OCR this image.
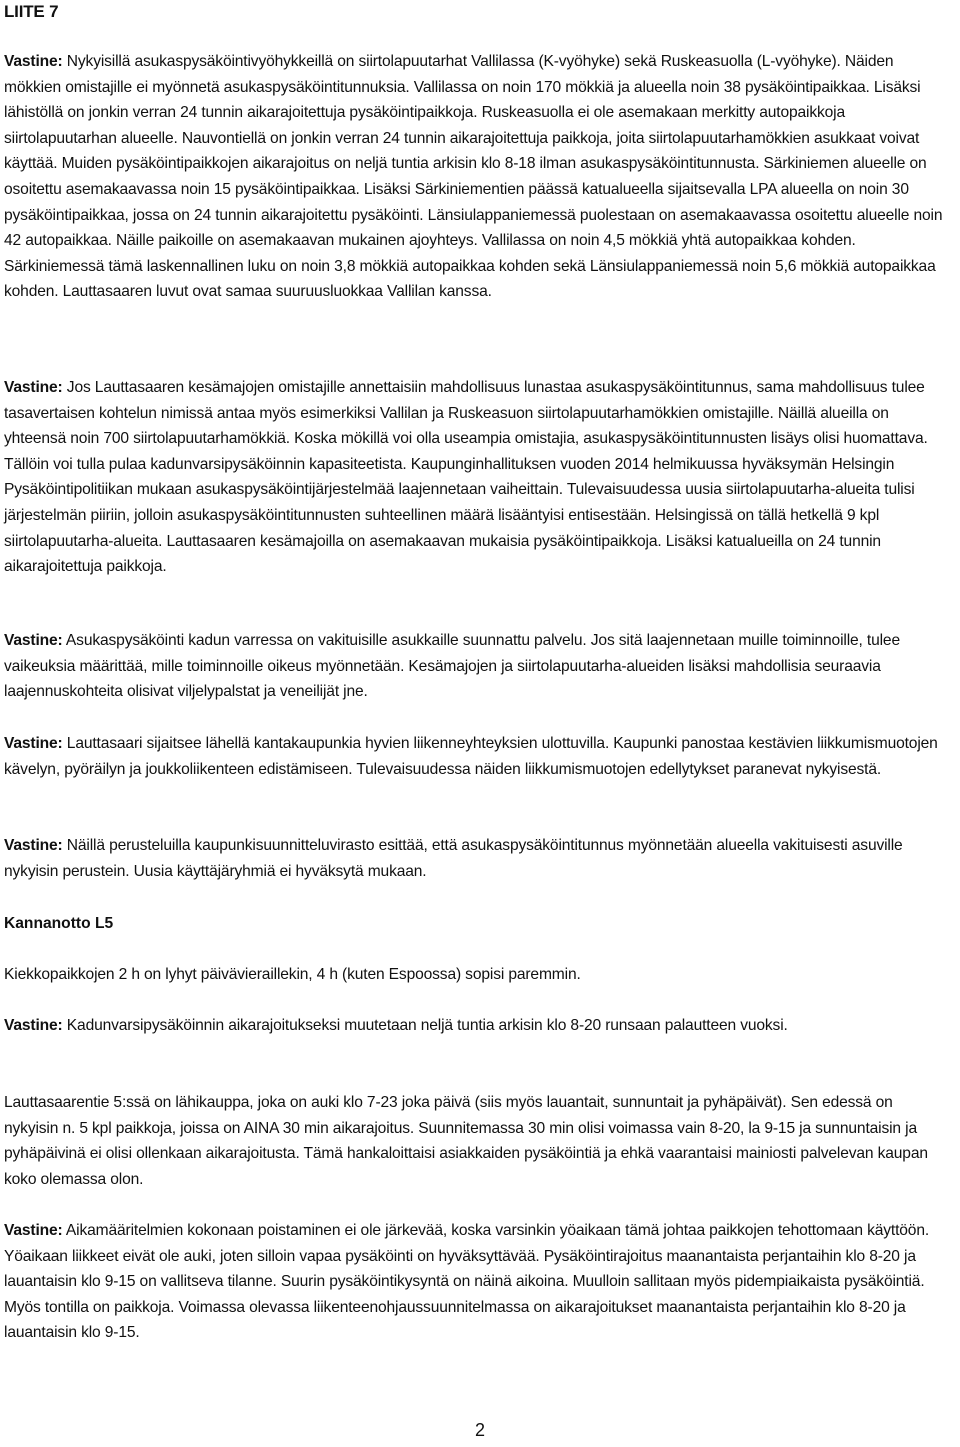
LIITE 7

Vastine: Nykyisillä asukaspysäköintivyöhykkeillä on siirtolapuutarhat Vallilassa (K-vyöhyke) sekä Ruskeasuolla (L-vyöhyke). Näiden mökkien omistajille ei myönnetä asukaspysäköintitunnuksia. Vallilassa on noin 170 mökkiä ja alueella noin 38 pysäköintipaikkaa. Lisäksi lähistöllä on jonkin verran 24 tunnin aikarajoitettuja pysäköintipaikkoja. Ruskeasuolla ei ole asemakaan merkitty autopaikkoja siirtolapuutarhan alueelle. Nauvontiellä on jonkin verran 24 tunnin aikarajoitettuja paikkoja, joita siirtolapuutarhamökkien asukkaat voivat käyttää. Muiden pysäköintipaikkojen aikarajoitus on neljä tuntia arkisin klo 8-18 ilman asukaspysäköintitunnusta. Särkiniemen alueelle on osoitettu asemakaavassa noin 15 pysäköintipaikkaa. Lisäksi Särkiniementien päässä katualueella sijaitsevalla LPA alueella on noin 30 pysäköintipaikkaa, jossa on 24 tunnin aikarajoitettu pysäköinti. Länsiulappaniemessä puolestaan on asemakaavassa osoitettu alueelle noin 42 autopaikkaa. Näille paikoille on asemakaavan mukainen ajoyhteys. Vallilassa on noin 4,5 mökkiä yhtä autopaikkaa kohden. Särkiniemessä tämä laskennallinen luku on noin 3,8 mökkiä autopaikkaa kohden sekä Länsiulappaniemessä noin 5,6 mökkiä autopaikkaa kohden. Lauttasaaren luvut ovat samaa suuruusluokkaa Vallilan kanssa.

Vastine: Jos Lauttasaaren kesämajojen omistajille annettaisiin mahdollisuus lunastaa asukaspysäköintitunnus, sama mahdollisuus tulee tasavertaisen kohtelun nimissä antaa myös esimerkiksi Vallilan ja Ruskeasuon siirtolapuutarhamökkien omistajille. Näillä alueilla on yhteensä noin 700 siirtolapuutarhamökkiä. Koska mökillä voi olla useampia omistajia, asukaspysäköintitunnusten lisäys olisi huomattava. Tällöin voi tulla pulaa kadunvarsipysäköinnin kapasiteetista. Kaupunginhallituksen vuoden 2014 helmikuussa hyväksymän Helsingin Pysäköintipolitiikan mukaan asukaspysäköintijärjestelmää laajennetaan vaiheittain. Tulevaisuudessa uusia siirtolapuutarha-alueita tulisi järjestelmän piiriin, jolloin asukaspysäköintitunnusten suhteellinen määrä lisääntyisi entisestään. Helsingissä on tällä hetkellä 9 kpl siirtolapuutarha-alueita. Lauttasaaren kesämajoilla on asemakaavan mukaisia pysäköintipaikkoja. Lisäksi katualueilla on 24 tunnin aikarajoitettuja paikkoja.

Vastine: Asukaspysäköinti kadun varressa on vakituisille asukkaille suunnattu palvelu. Jos sitä laajennetaan muille toiminnoille, tulee vaikeuksia määrittää, mille toiminnoille oikeus myönnetään. Kesämajojen ja siirtolapuutarha-alueiden lisäksi mahdollisia seuraavia laajennuskohteita olisivat viljelypalstat ja veneilijät jne.

Vastine: Lauttasaari sijaitsee lähellä kantakaupunkia hyvien liikenneyhteyksien ulottuvilla. Kaupunki panostaa kestävien liikkumismuotojen kävelyn, pyöräilyn ja joukkoliikenteen edistämiseen. Tulevaisuudessa näiden liikkumismuotojen edellytykset paranevat nykyisestä.

Vastine: Näillä perusteluilla kaupunkisuunnitteluvirasto esittää, että asukaspysäköintitunnus myönnetään alueella vakituisesti asuville nykyisin perustein. Uusia käyttäjäryhmiä ei hyväksytä mukaan.

Kannanotto L5

Kiekkopaikkojen 2 h on lyhyt päivävieraillekin, 4 h (kuten Espoossa) sopisi paremmin.

Vastine: Kadunvarsipysäköinnin aikarajoitukseksi muutetaan neljä tuntia arkisin klo 8-20 runsaan palautteen vuoksi.

Lauttasaarentie 5:ssä on lähikauppa, joka on auki klo 7-23 joka päivä (siis myös lauantait, sunnuntait ja pyhäpäivät). Sen edessä on nykyisin n. 5 kpl paikkoja, joissa on AINA 30 min aikarajoitus. Suunnitemassa 30 min olisi voimassa vain 8-20, la 9-15 ja sunnuntaisin ja pyhäpäivinä ei olisi ollenkaan aikarajoitusta. Tämä hankaloittaisi asiakkaiden pysäköintiä ja ehkä vaarantaisi mainiosti palvelevan kaupan koko olemassa olon.

Vastine: Aikamääritelmien kokonaan poistaminen ei ole järkevää, koska varsinkin yöaikaan tämä johtaa paikkojen tehottomaan käyttöön. Yöaikaan liikkeet eivät ole auki, joten silloin vapaa pysäköinti on hyväksyttävää. Pysäköintirajoitus maanantaista perjantaihin klo 8-20 ja lauantaisin klo 9-15 on vallitseva tilanne. Suurin pysäköintikysyntä on näinä aikoina. Muulloin sallitaan myös pidempiaikaista pysäköintiä. Myös tontilla on paikkoja. Voimassa olevassa liikenteenohjaussuunnitelmassa on aikarajoitukset maanantaista perjantaihin klo 8-20 ja lauantaisin klo 9-15.

2
